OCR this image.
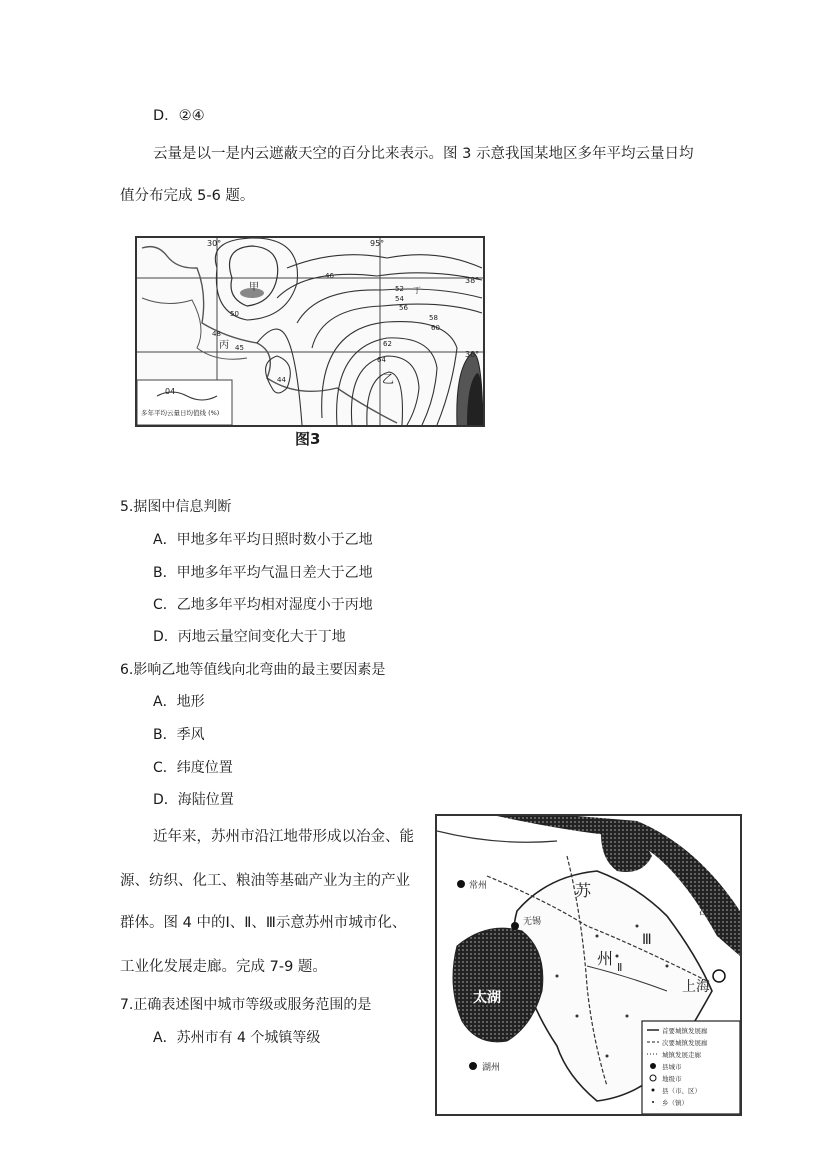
D．②④
云量是以一是内云遮蔽天空的百分比来表示。图 3 示意我国某地区多年平均云量日均
值分布完成 5-6 题。
04
多年平均云量日均值线 (%)
30°	95°
38°
30°
甲
乙
丙
丁
46
52
54
56
58
60
62
64
48
45
50
44
图3
5.据图中信息判断
A．甲地多年平均日照时数小于乙地
B．甲地多年平均气温日差大于乙地
C．乙地多年平均相对湿度小于丙地
D．丙地云量空间变化大于丁地
6.影响乙地等值线向北弯曲的最主要因素是
A．地形
B．季风
C．纬度位置
D．海陆位置
近年来，苏州市沿江地带形成以冶金、能
源、纺织、化工、粮油等基础产业为主的产业
群体。图 4 中的Ⅰ、Ⅱ、Ⅲ示意苏州市城市化、
工业化发展走廊。完成 7-9 题。
7.正确表述图中城市等级或服务范围的是
A．苏州市有 4 个城镇等级
常州
无锡
太湖
湖州
上海
苏
州
Ⅲ
Ⅱ
江
首要城镇发展廊
次要城镇发展廊
城镇发展走廊
县城市
地级市
县（市、区）
乡（镇）
